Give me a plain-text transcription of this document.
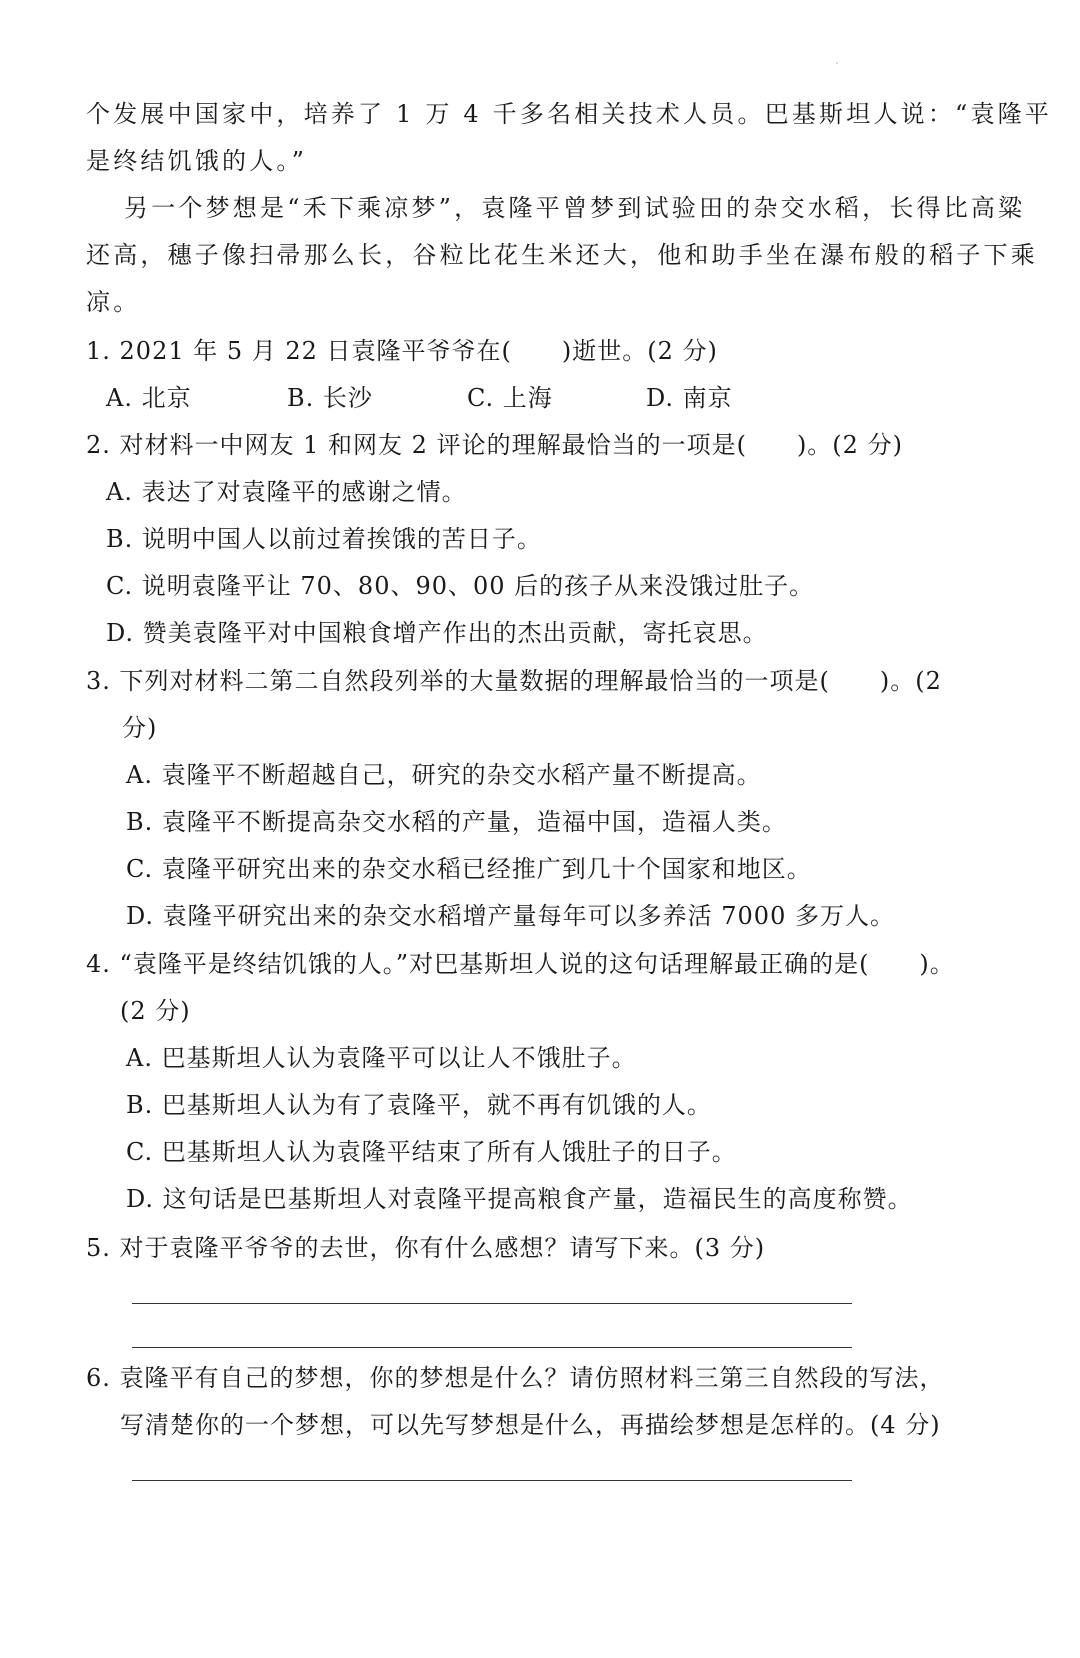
个发展中国家中，培养了 1 万 4 千多名相关技术人员。巴基斯坦人说：“袁隆平
是终结饥饿的人。”
另一个梦想是“禾下乘凉梦”，袁隆平曾梦到试验田的杂交水稻，长得比高粱
还高，穗子像扫帚那么长，谷粒比花生米还大，他和助手坐在瀑布般的稻子下乘
凉。
1. 2021 年 5 月 22 日袁隆平爷爷在(　　)逝世。(2 分)
A. 北京	B. 长沙	C. 上海	D. 南京
2. 对材料一中网友 1 和网友 2 评论的理解最恰当的一项是(　　)。(2 分)
A. 表达了对袁隆平的感谢之情。
B. 说明中国人以前过着挨饿的苦日子。
C. 说明袁隆平让 70、80、90、00 后的孩子从来没饿过肚子。
D. 赞美袁隆平对中国粮食增产作出的杰出贡献，寄托哀思。
3. 下列对材料二第二自然段列举的大量数据的理解最恰当的一项是(　　)。(2
分)
A. 袁隆平不断超越自己，研究的杂交水稻产量不断提高。
B. 袁隆平不断提高杂交水稻的产量，造福中国，造福人类。
C. 袁隆平研究出来的杂交水稻已经推广到几十个国家和地区。
D. 袁隆平研究出来的杂交水稻增产量每年可以多养活 7000 多万人。
4. “袁隆平是终结饥饿的人。”对巴基斯坦人说的这句话理解最正确的是(　　)。
(2 分)
A. 巴基斯坦人认为袁隆平可以让人不饿肚子。
B. 巴基斯坦人认为有了袁隆平，就不再有饥饿的人。
C. 巴基斯坦人认为袁隆平结束了所有人饿肚子的日子。
D. 这句话是巴基斯坦人对袁隆平提高粮食产量，造福民生的高度称赞。
5. 对于袁隆平爷爷的去世，你有什么感想？请写下来。(3 分)
6. 袁隆平有自己的梦想，你的梦想是什么？请仿照材料三第三自然段的写法，
写清楚你的一个梦想，可以先写梦想是什么，再描绘梦想是怎样的。(4 分)
